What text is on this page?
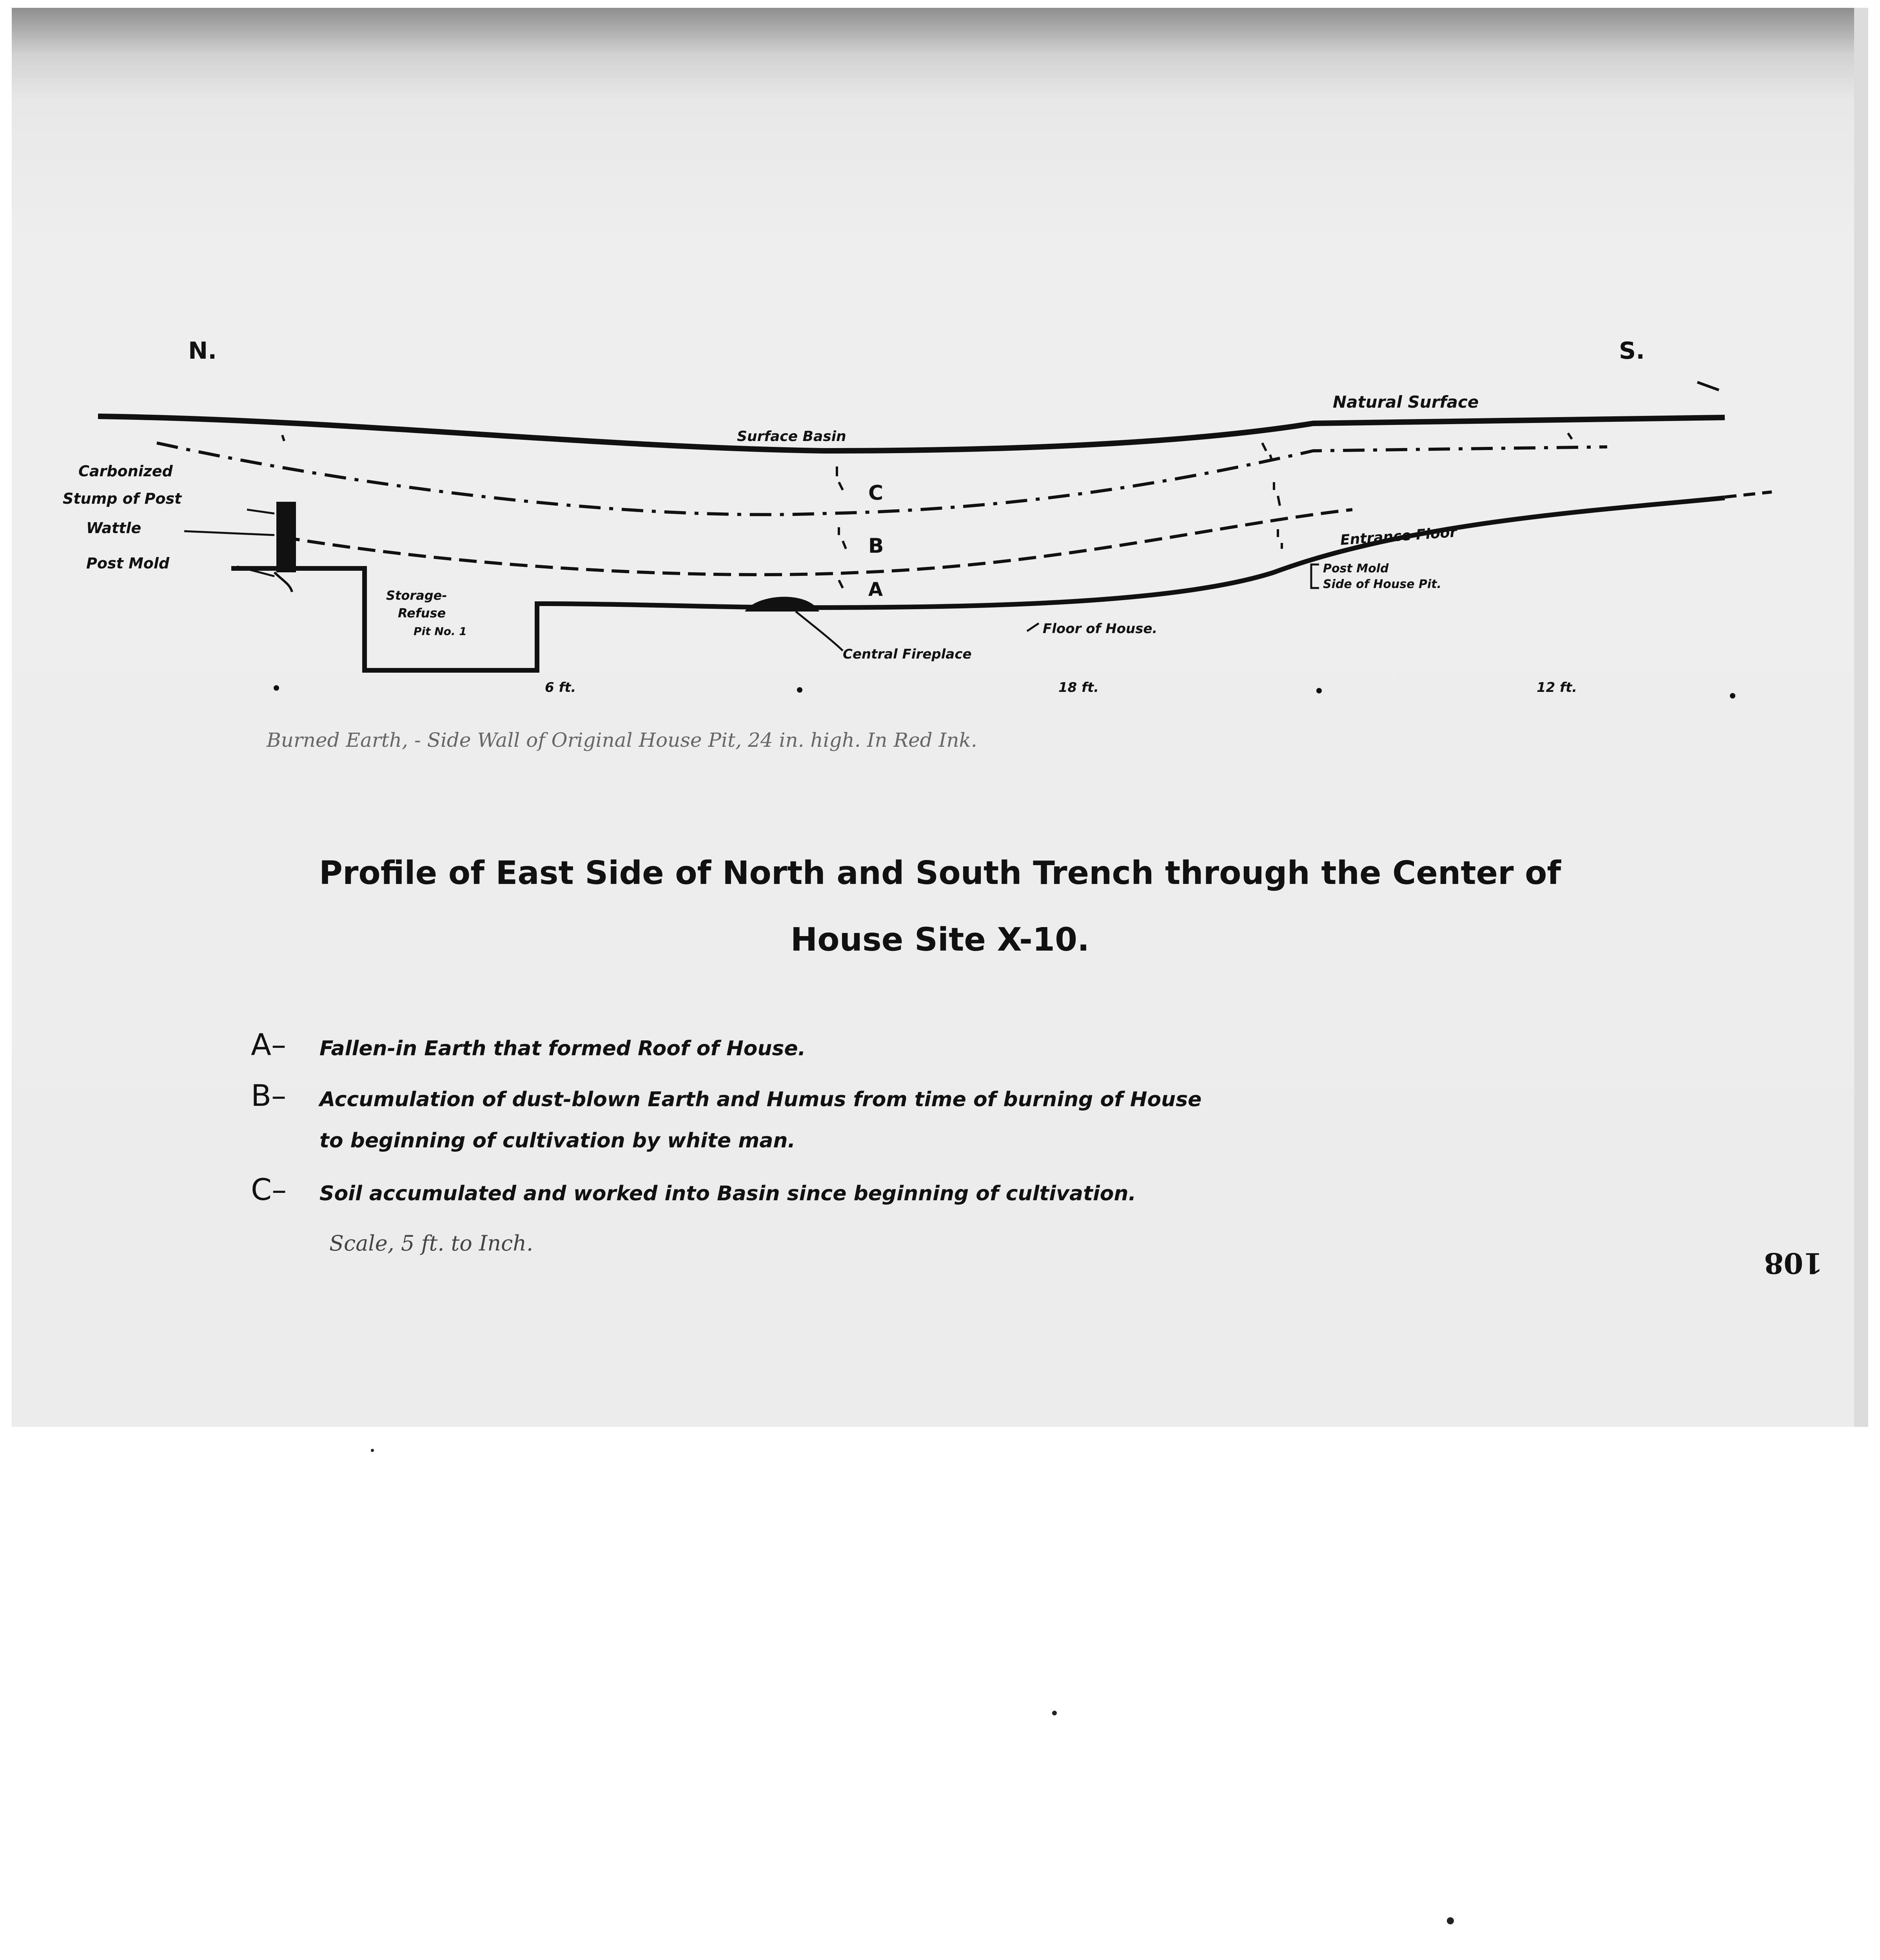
N.	S.
C
B
A
Natural Surface
Surface Basin
Carbonized
Stump of Post
Wattle
Post Mold
Storage-
Refuse
Pit No. 1
Central Fireplace
Floor of House.
Entrance Floor
Post Mold
Side of House Pit.
6 ft.	18 ft.	12 ft.
Burned Earth, - Side Wall of Original House Pit, 24 in. high. In Red Ink.
Profile of East Side of North and South Trench through the Center of
House Site X-10.
A– Fallen-in Earth that formed Roof of House.
B– Accumulation of dust-blown Earth and Humus from time of burning of House
to beginning of cultivation by white man.
C– Soil accumulated and worked into Basin since beginning of cultivation.
Scale, 5 ft. to Inch.
108
